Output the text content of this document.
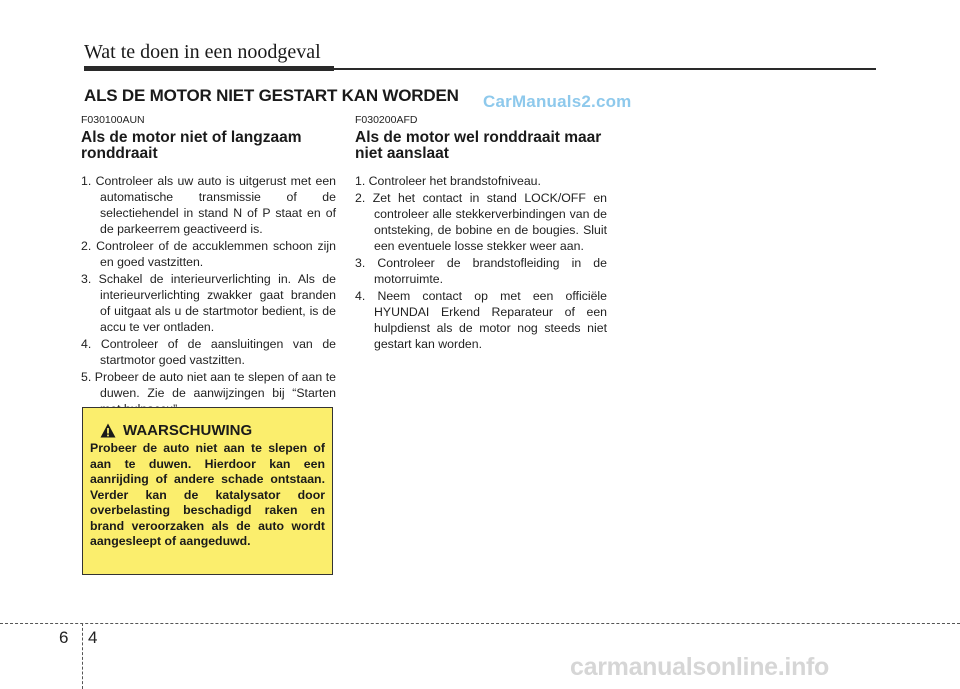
Wat te doen in een noodgeval
ALS DE MOTOR NIET GESTART KAN WORDEN CarManuals2.com
F030100AUN
Als de motor niet of langzaam ronddraait
1. Controleer als uw auto is uitgerust met een automatische transmissie of de selectiehendel in stand N of P staat en of de parkeerrem geactiveerd is.
2. Controleer of de accuklemmen schoon zijn en goed vastzitten.
3. Schakel de interieurverlichting in. Als de interieurverlichting zwakker gaat branden of uitgaat als u de startmotor bedient, is de accu te ver ontladen.
4. Controleer of de aansluitingen van de startmotor goed vastzitten.
5. Probeer de auto niet aan te slepen of aan te duwen. Zie de aanwijzingen bij “Starten
F030200AFD
Als de motor wel ronddraait maar niet aanslaat
1. Controleer het brandstofniveau.
2. Zet het contact in stand LOCK/OFF en controleer alle stekkerverbindingen van de ontsteking, de bobine en de bougies. Sluit een eventuele losse stekker weer aan.
3. Controleer de brandstofleiding in de motorruimte.
4. Neem contact op met een officiële HYUNDAI Erkend Reparateur of een hulpdienst als de motor nog steeds niet gestart kan worden.
WAARSCHUWING
Probeer de auto niet aan te slepen of aan te duwen. Hierdoor kan een aanrijding of andere schade ontstaan. Verder kan de katalysator door overbelasting beschadigd raken en brand veroorzaken als de auto wordt aangesleept of aangeduwd.
6 4
carmanualsonline.info
